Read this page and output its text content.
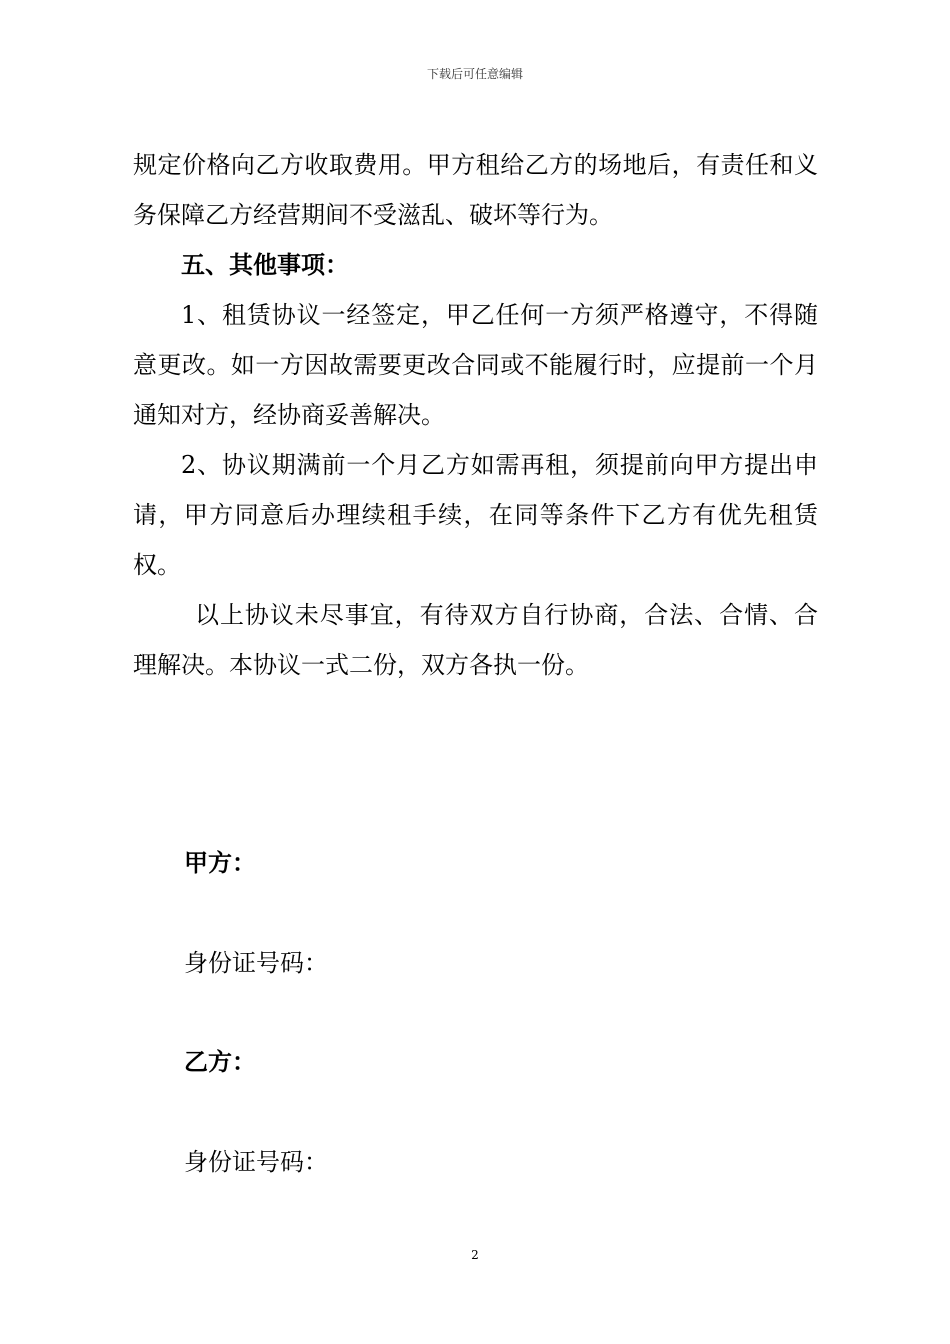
下载后可任意编辑

规定价格向乙方收取费用。甲方租给乙方的场地后，有责任和义务保障乙方经营期间不受滋乱、破坏等行为。

五、其他事项：

1、租赁协议一经签定，甲乙任何一方须严格遵守，不得随意更改。如一方因故需要更改合同或不能履行时，应提前一个月通知对方，经协商妥善解决。

2、协议期满前一个月乙方如需再租，须提前向甲方提出申请，甲方同意后办理续租手续，在同等条件下乙方有优先租赁权。

以上协议未尽事宜，有待双方自行协商，合法、合情、合理解决。本协议一式二份，双方各执一份。

甲方：
身份证号码：
乙方：
身份证号码：
2
